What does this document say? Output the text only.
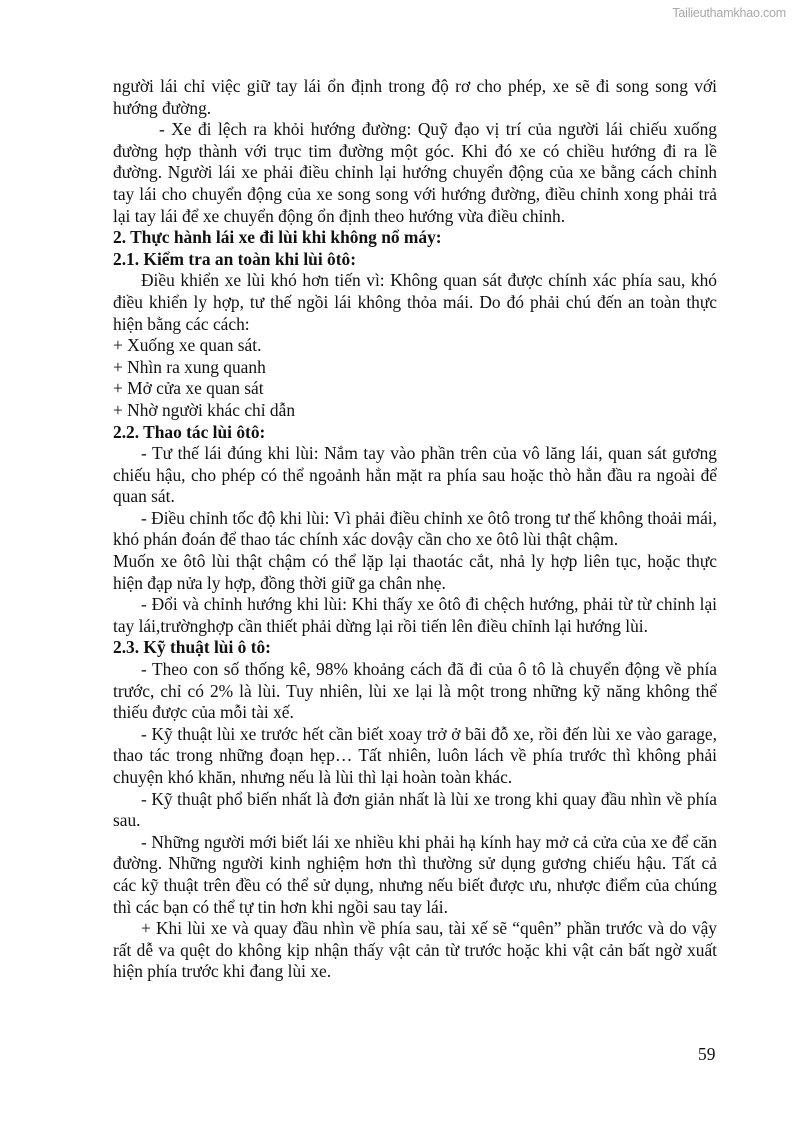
Tailieuthamkhao.com

người lái chỉ việc giữ tay lái ổn định trong độ rơ cho phép, xe sẽ đi song song với hướng đường.

- Xe đi lệch ra khỏi hướng đường: Quỹ đạo vị trí của người lái chiếu xuống đường hợp thành với trục tim đường một góc. Khi đó xe có chiều hướng đi ra lề đường. Người lái xe phải điều chỉnh lại hướng chuyển động của xe bằng cách chỉnh tay lái cho chuyển động của xe song song với hướng đường, điều chỉnh xong phải trả lại tay lái để xe chuyển động ổn định theo hướng vừa điều chỉnh.

2. Thực hành lái xe đi lùi khi không nổ máy:

2.1. Kiểm tra an toàn khi lùi ôtô:

Điều khiển xe lùi khó hơn tiến vì: Không quan sát được chính xác phía sau, khó điều khiển ly hợp, tư thế ngồi lái không thỏa mái. Do đó phải chú đến an toàn thực hiện bằng các cách:

+ Xuống xe quan sát.

+ Nhìn ra xung quanh

+ Mở cửa xe quan sát

+ Nhờ người khác chỉ dẫn

2.2. Thao tác lùi ôtô:

- Tư thế lái đúng khi lùi: Nắm tay vào phần trên của vô lăng lái, quan sát gương chiếu hậu, cho phép có thể ngoảnh hẳn mặt ra phía sau hoặc thò hẳn đầu ra ngoài để quan sát.

- Điều chỉnh tốc độ khi lùi: Vì phải điều chỉnh xe ôtô trong tư thế không thoải mái, khó phán đoán để thao tác chính xác dovậy cần cho xe ôtô lùi thật chậm.

Muốn xe ôtô lùi thật chậm có thể lặp lại thaotác cắt, nhả ly hợp liên tục, hoặc thực hiện đạp nửa ly hợp, đồng thời giữ ga chân nhẹ.

- Đổi và chỉnh hướng khi lùi: Khi thấy xe ôtô đi chệch hướng, phải từ từ chỉnh lại tay lái,trườnghợp cần thiết phải dừng lại rồi tiến lên điều chỉnh lại hướng lùi.

2.3. Kỹ thuật lùi ô tô:

- Theo con số thống kê, 98% khoảng cách đã đi của ô tô là chuyển động về phía trước, chỉ có 2% là lùi. Tuy nhiên, lùi xe lại là một trong những kỹ năng không thể thiếu được của mỗi tài xế.

- Kỹ thuật lùi xe trước hết cần biết xoay trở ở bãi đỗ xe, rồi đến lùi xe vào garage, thao tác trong những đoạn hẹp… Tất nhiên, luôn lách về phía trước thì không phải chuyện khó khăn, nhưng nếu là lùi thì lại hoàn toàn khác.

- Kỹ thuật phổ biến nhất là đơn giản nhất là lùi xe trong khi quay đầu nhìn về phía sau.

- Những người mới biết lái xe nhiều khi phải hạ kính hay mở cả cửa của xe để căn đường. Những người kinh nghiệm hơn thì thường sử dụng gương chiếu hậu. Tất cả các kỹ thuật trên đều có thể sử dụng, nhưng nếu biết được ưu, nhược điểm của chúng thì các bạn có thể tự tin hơn khi ngồi sau tay lái.

+ Khi lùi xe và quay đầu nhìn về phía sau, tài xế sẽ “quên” phần trước và do vậy rất dễ va quệt do không kịp nhận thấy vật cản từ trước hoặc khi vật cản bất ngờ xuất hiện phía trước khi đang lùi xe.

59
